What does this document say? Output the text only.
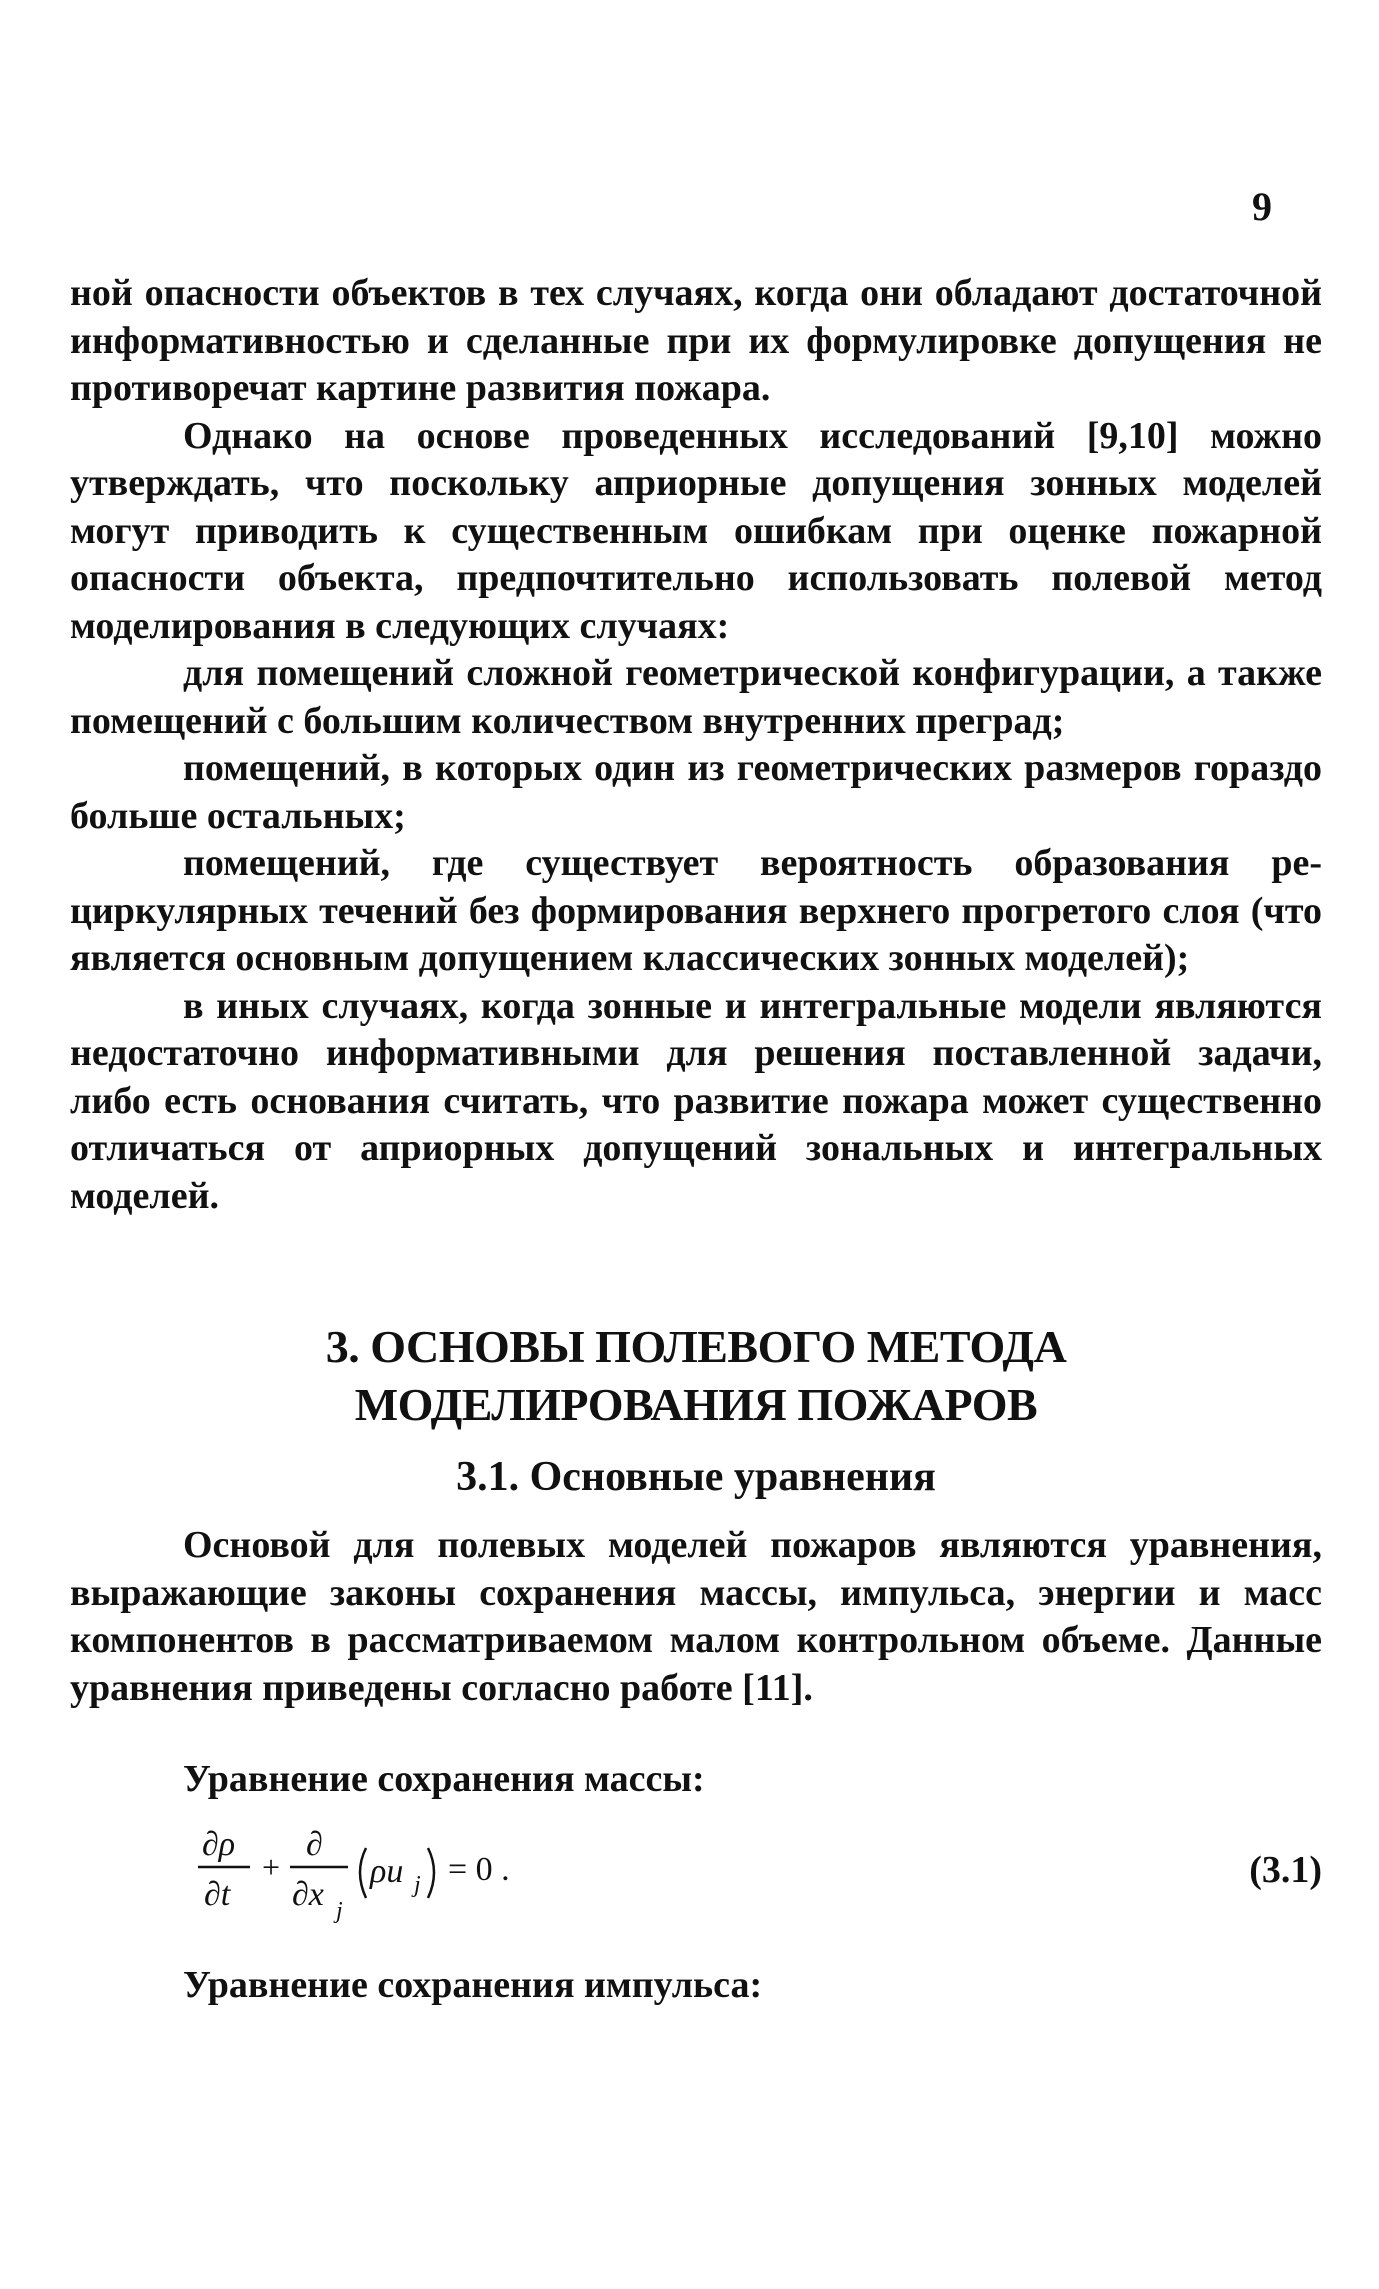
9

ной опасности объектов в тех случаях, когда они обладают достаточной информативностью и сделанные при их формулировке допущения не противоречат картине развития пожара.

Однако на основе проведенных исследований [9,10] можно утверждать, что поскольку априорные допущения зонных моделей могут приводить к существенным ошибкам при оценке пожарной опасности объекта, предпочтительно использовать полевой метод моделирования в следующих случаях:

для помещений сложной геометрической конфигурации, а также помещений с большим количеством внутренних преград;

помещений, в которых один из геометрических размеров гораздо больше остальных;

помещений, где существует вероятность образования рециркулярных течений без формирования верхнего прогретого слоя (что является основным допущением классических зонных моделей);

в иных случаях, когда зонные и интегральные модели являются недостаточно информативными для решения поставленной задачи, либо есть основания считать, что развитие пожара может существенно отличаться от априорных допущений зональных и интегральных моделей.

3. ОСНОВЫ ПОЛЕВОГО МЕТОДА
МОДЕЛИРОВАНИЯ ПОЖАРОВ
3.1. Основные уравнения

Основой для полевых моделей пожаров являются уравнения, выражающие законы сохранения массы, импульса, энергии и масс компонентов в рассматриваемом малом контрольном объеме. Данные уравнения приведены согласно работе [11].

Уравнение сохранения массы:

∂ρ
∂t
+
∂
∂x j
ρu j = 0 .	(3.1)

Уравнение сохранения импульса:
